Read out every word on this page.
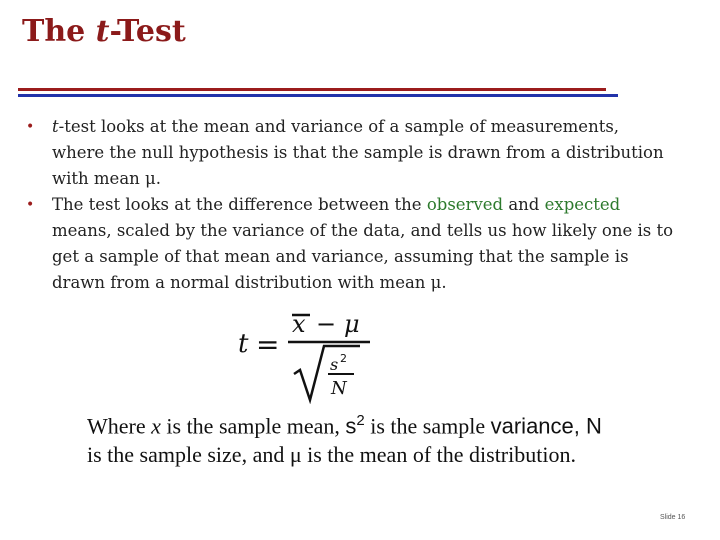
The t-Test
• t-test looks at the mean and variance of a sample of measurements, where the null hypothesis is that the sample is drawn from a distribution with mean μ.
• The test looks at the difference between the observed and expected means, scaled by the variance of the data, and tells us how likely one is to get a sample of that mean and variance, assuming that the sample is drawn from a normal distribution with mean μ.
t =
x − μ
s 2
N
Where x is the sample mean, $s^2$ is the sample variance, N is the sample size, and μ is the mean of the distribution.
Slide 16
